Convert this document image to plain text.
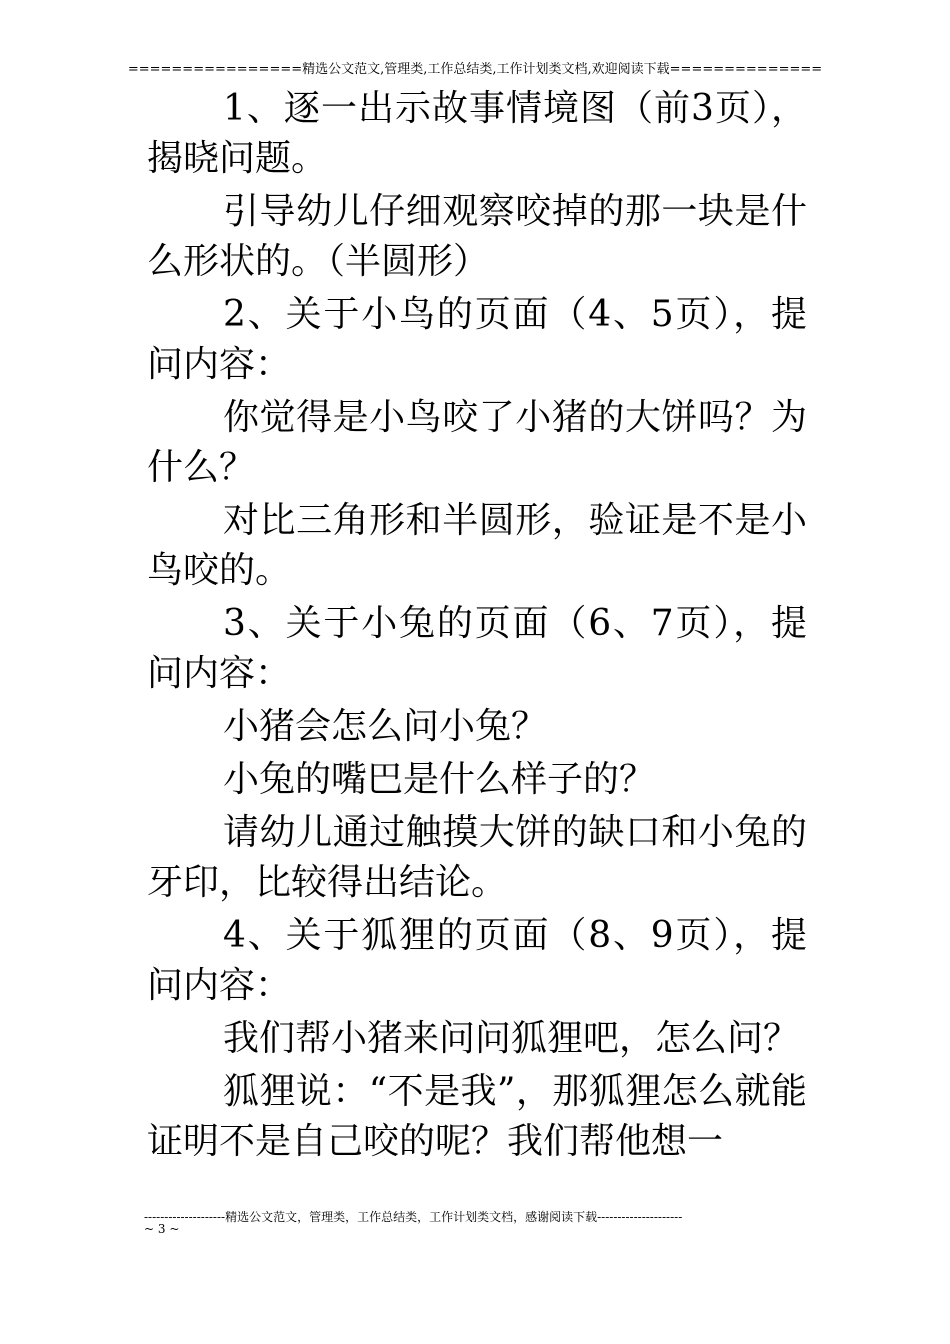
================精选公文范文,管理类,工作总结类,工作计划类文档,欢迎阅读下载==============

1、逐一出示故事情境图（前3页），揭晓问题。

引导幼儿仔细观察咬掉的那一块是什么形状的。（半圆形）

2、关于小鸟的页面（4、5页），提问内容：

你觉得是小鸟咬了小猪的大饼吗？为什么？

对比三角形和半圆形，验证是不是小鸟咬的。

3、关于小兔的页面（6、7页），提问内容：

小猪会怎么问小兔？

小兔的嘴巴是什么样子的？

请幼儿通过触摸大饼的缺口和小兔的牙印，比较得出结论。

4、关于狐狸的页面（8、9页），提问内容：

我们帮小猪来问问狐狸吧，怎么问？

狐狸说：“不是我”，那狐狸怎么就能证明不是自己咬的呢？我们帮他想一

--------------------精选公文范文，管理类，工作总结类，工作计划类文档，感谢阅读下载---------------------
~ 3 ~
